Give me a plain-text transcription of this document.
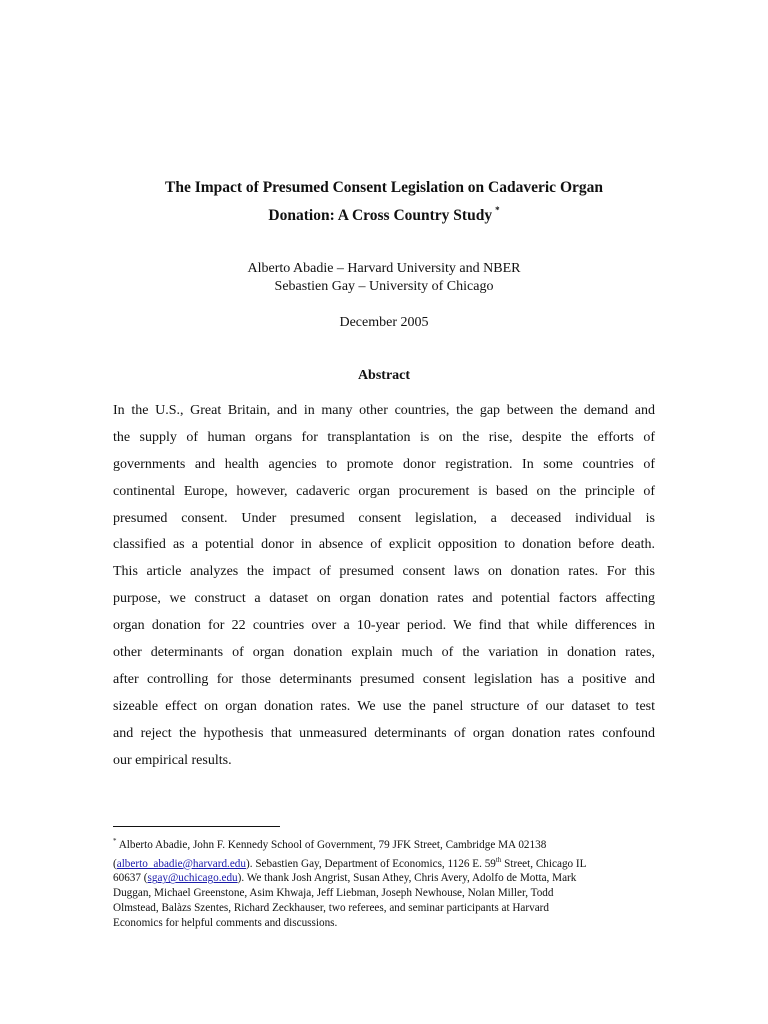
The Impact of Presumed Consent Legislation on Cadaveric Organ
Donation: A Cross Country Study *
Alberto Abadie – Harvard University and NBER
Sebastien Gay – University of Chicago
December 2005
Abstract
In the U.S., Great Britain, and in many other countries, the gap between the demand and
the supply of human organs for transplantation is on the rise, despite the efforts of
governments and health agencies to promote donor registration. In some countries of
continental Europe, however, cadaveric organ procurement is based on the principle of
presumed consent. Under presumed consent legislation, a deceased individual is
classified as a potential donor in absence of explicit opposition to donation before death.
This article analyzes the impact of presumed consent laws on donation rates. For this
purpose, we construct a dataset on organ donation rates and potential factors affecting
organ donation for 22 countries over a 10-year period. We find that while differences in
other determinants of organ donation explain much of the variation in donation rates,
after controlling for those determinants presumed consent legislation has a positive and
sizeable effect on organ donation rates. We use the panel structure of our dataset to test
and reject the hypothesis that unmeasured determinants of organ donation rates confound
our empirical results.
* Alberto Abadie, John F. Kennedy School of Government, 79 JFK Street, Cambridge MA 02138
(alberto_abadie@harvard.edu). Sebastien Gay, Department of Economics, 1126 E. 59th Street, Chicago IL
60637 (sgay@uchicago.edu). We thank Josh Angrist, Susan Athey, Chris Avery, Adolfo de Motta, Mark
Duggan, Michael Greenstone, Asim Khwaja, Jeff Liebman, Joseph Newhouse, Nolan Miller, Todd
Olmstead, Balàzs Szentes, Richard Zeckhauser, two referees, and seminar participants at Harvard
Economics for helpful comments and discussions.
